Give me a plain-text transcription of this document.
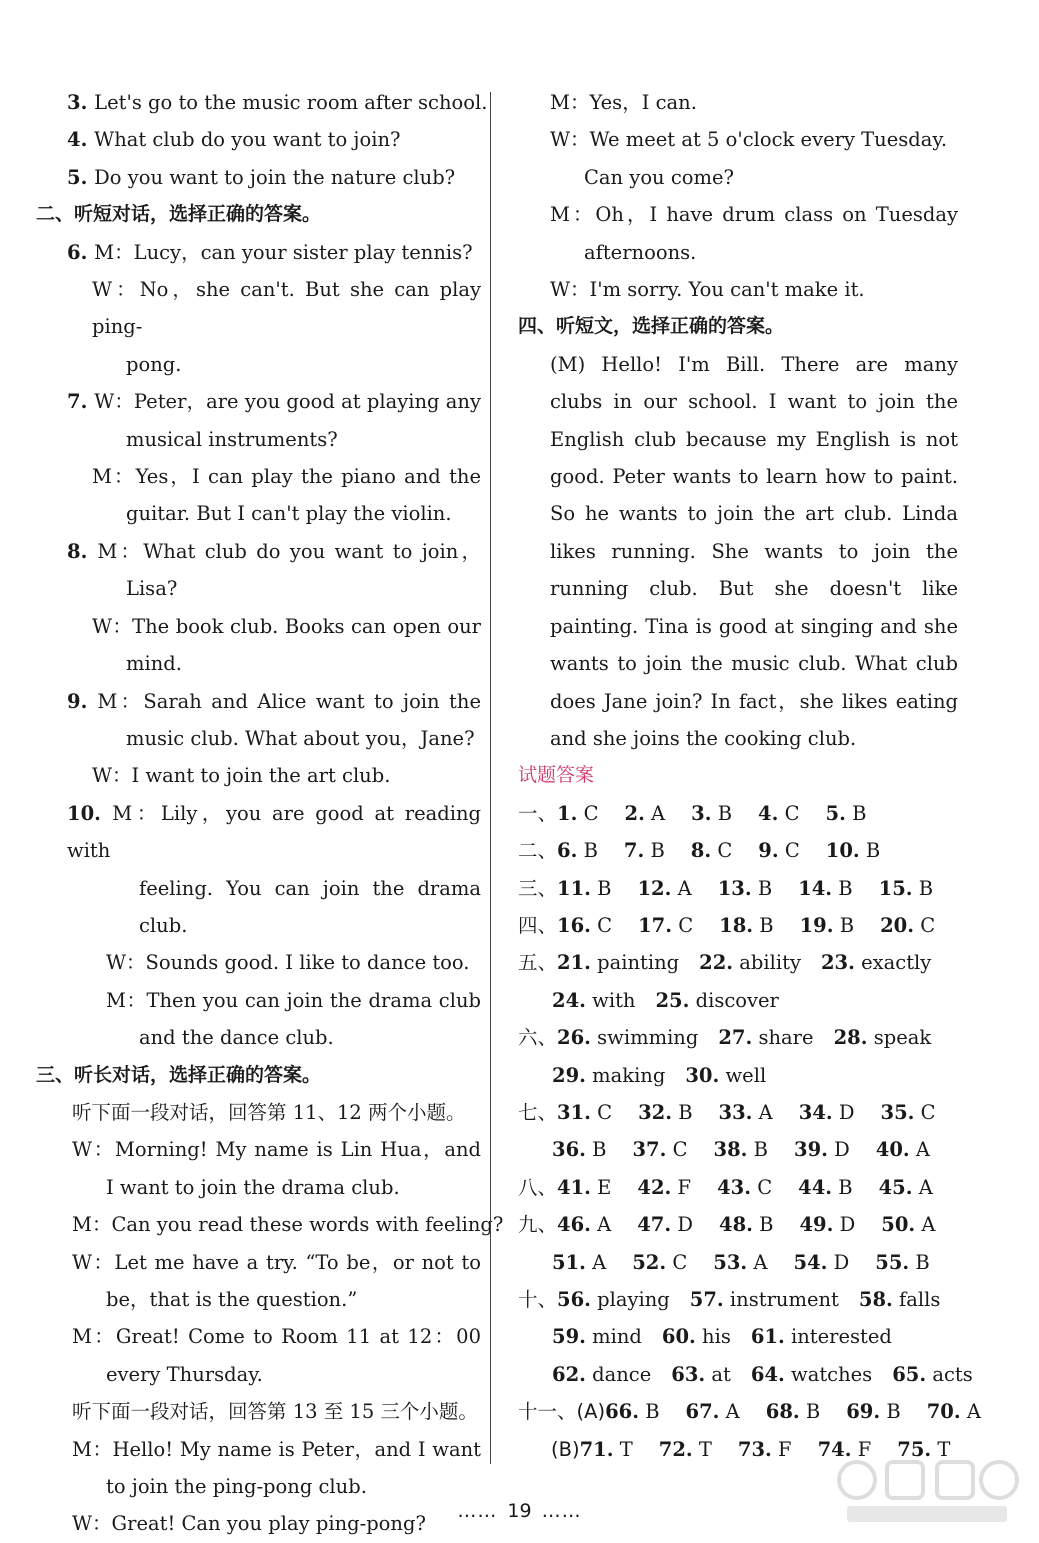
3. Let's go to the music room after school.
4. What club do you want to join?
5. Do you want to join the nature club?
二、听短对话，选择正确的答案。
6. M：Lucy，can your sister play tennis?
W：No，she can't. But she can play ping-
pong.
7. W：Peter，are you good at playing any
musical instruments?
M：Yes，I can play the piano and the
guitar. But I can't play the violin.
8. M：What club do you want to join，
Lisa?
W：The book club. Books can open our
mind.
9. M：Sarah and Alice want to join the
music club. What about you，Jane?
W：I want to join the art club.
10. M：Lily，you are good at reading with
feeling. You can join the drama
club.
W：Sounds good. I like to dance too.
M：Then you can join the drama club
and the dance club.
三、听长对话，选择正确的答案。
听下面一段对话，回答第 11、12 两个小题。
W：Morning! My name is Lin Hua，and
I want to join the drama club.
M：Can you read these words with feeling?
W：Let me have a try. “To be，or not to
be，that is the question.”
M：Great! Come to Room 11 at 12：00
every Thursday.
听下面一段对话，回答第 13 至 15 三个小题。
M：Hello! My name is Peter，and I want
to join the ping-pong club.
W：Great! Can you play ping-pong?
M：Yes，I can.
W：We meet at 5 o'clock every Tuesday.
Can you come?
M：Oh，I have drum class on Tuesday
afternoons.
W：I'm sorry. You can't make it.
四、听短文，选择正确的答案。
(M) Hello! I'm Bill. There are many
clubs in our school. I want to join the
English club because my English is not
good. Peter wants to learn how to paint.
So he wants to join the art club. Linda
likes running. She wants to join the
running club. But she doesn't like
painting. Tina is good at singing and she
wants to join the music club. What club
does Jane join? In fact，she likes eating
and she joins the cooking club.
试题答案
一、1. C 2. A 3. B 4. C 5. B
二、6. B 7. B 8. C 9. C 10. B
三、11. B 12. A 13. B 14. B 15. B
四、16. C 17. C 18. B 19. B 20. C
五、21. painting 22. ability 23. exactly
24. with 25. discover
六、26. swimming 27. share 28. speak
29. making 30. well
七、31. C 32. B 33. A 34. D 35. C
36. B 37. C 38. B 39. D 40. A
八、41. E 42. F 43. C 44. B 45. A
九、46. A 47. D 48. B 49. D 50. A
51. A 52. C 53. A 54. D 55. B
十、56. playing 57. instrument 58. falls
59. mind 60. his 61. interested
62. dance 63. at 64. watches 65. acts
十一、(A)66. B 67. A 68. B 69. B 70. A
(B)71. T 72. T 73. F 74. F 75. T
…… 19 ……
